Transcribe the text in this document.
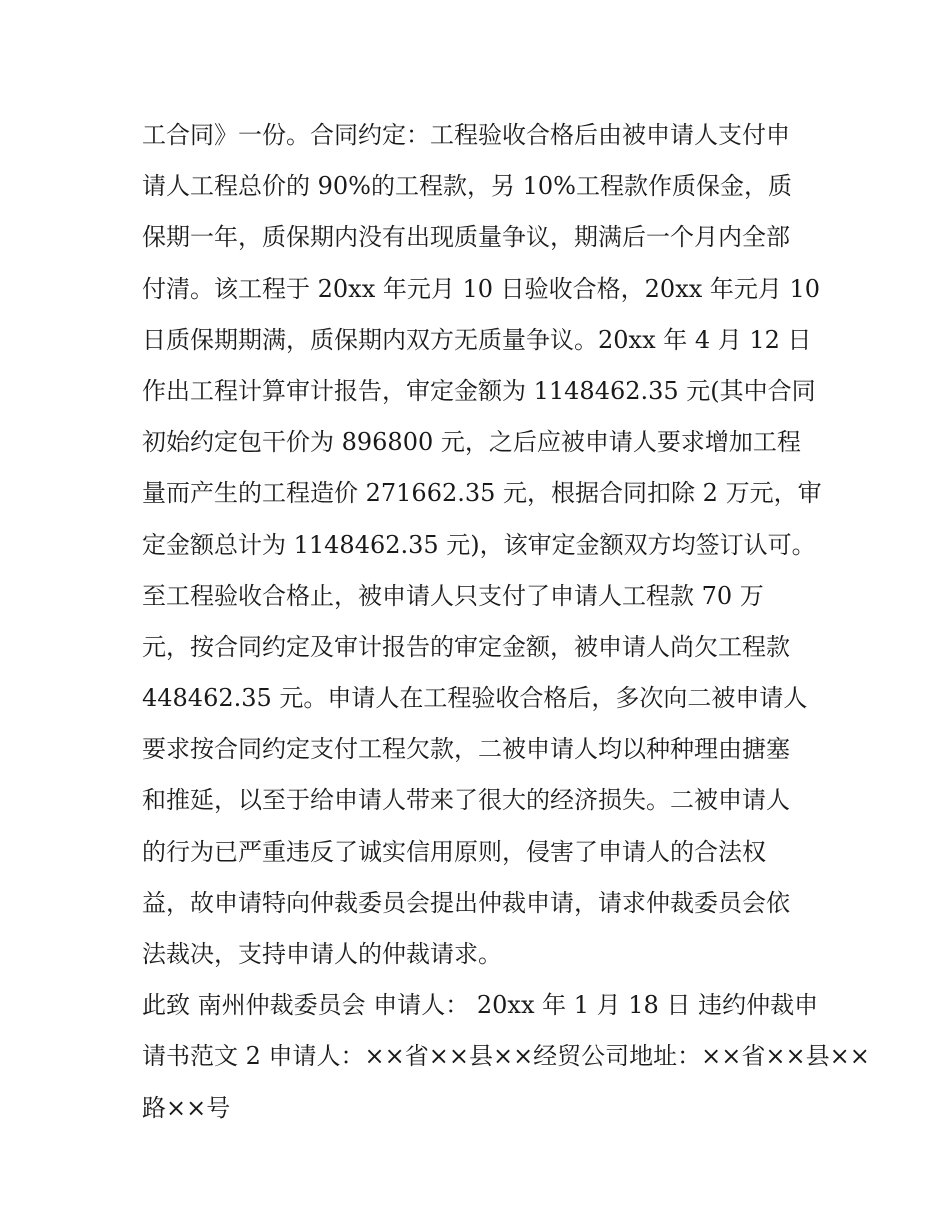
工合同》一份。合同约定：工程验收合格后由被申请人支付申
请人工程总价的 90%的工程款，另 10%工程款作质保金，质
保期一年，质保期内没有出现质量争议，期满后一个月内全部
付清。该工程于 20xx 年元月 10 日验收合格，20xx 年元月 10
日质保期期满，质保期内双方无质量争议。20xx 年 4 月 12 日
作出工程计算审计报告，审定金额为 1148462.35 元(其中合同
初始约定包干价为 896800 元，之后应被申请人要求增加工程
量而产生的工程造价 271662.35 元，根据合同扣除 2 万元，审
定金额总计为 1148462.35 元)，该审定金额双方均签订认可。
至工程验收合格止，被申请人只支付了申请人工程款 70 万
元，按合同约定及审计报告的审定金额，被申请人尚欠工程款
448462.35 元。申请人在工程验收合格后，多次向二被申请人
要求按合同约定支付工程欠款，二被申请人均以种种理由搪塞
和推延，以至于给申请人带来了很大的经济损失。二被申请人
的行为已严重违反了诚实信用原则，侵害了申请人的合法权
益，故申请特向仲裁委员会提出仲裁申请，请求仲裁委员会依
法裁决，支持申请人的仲裁请求。
此致 南州仲裁委员会 申请人： 20xx 年 1 月 18 日 违约仲裁申
请书范文 2 申请人：××省××县××经贸公司地址：××省××县××
路××号
